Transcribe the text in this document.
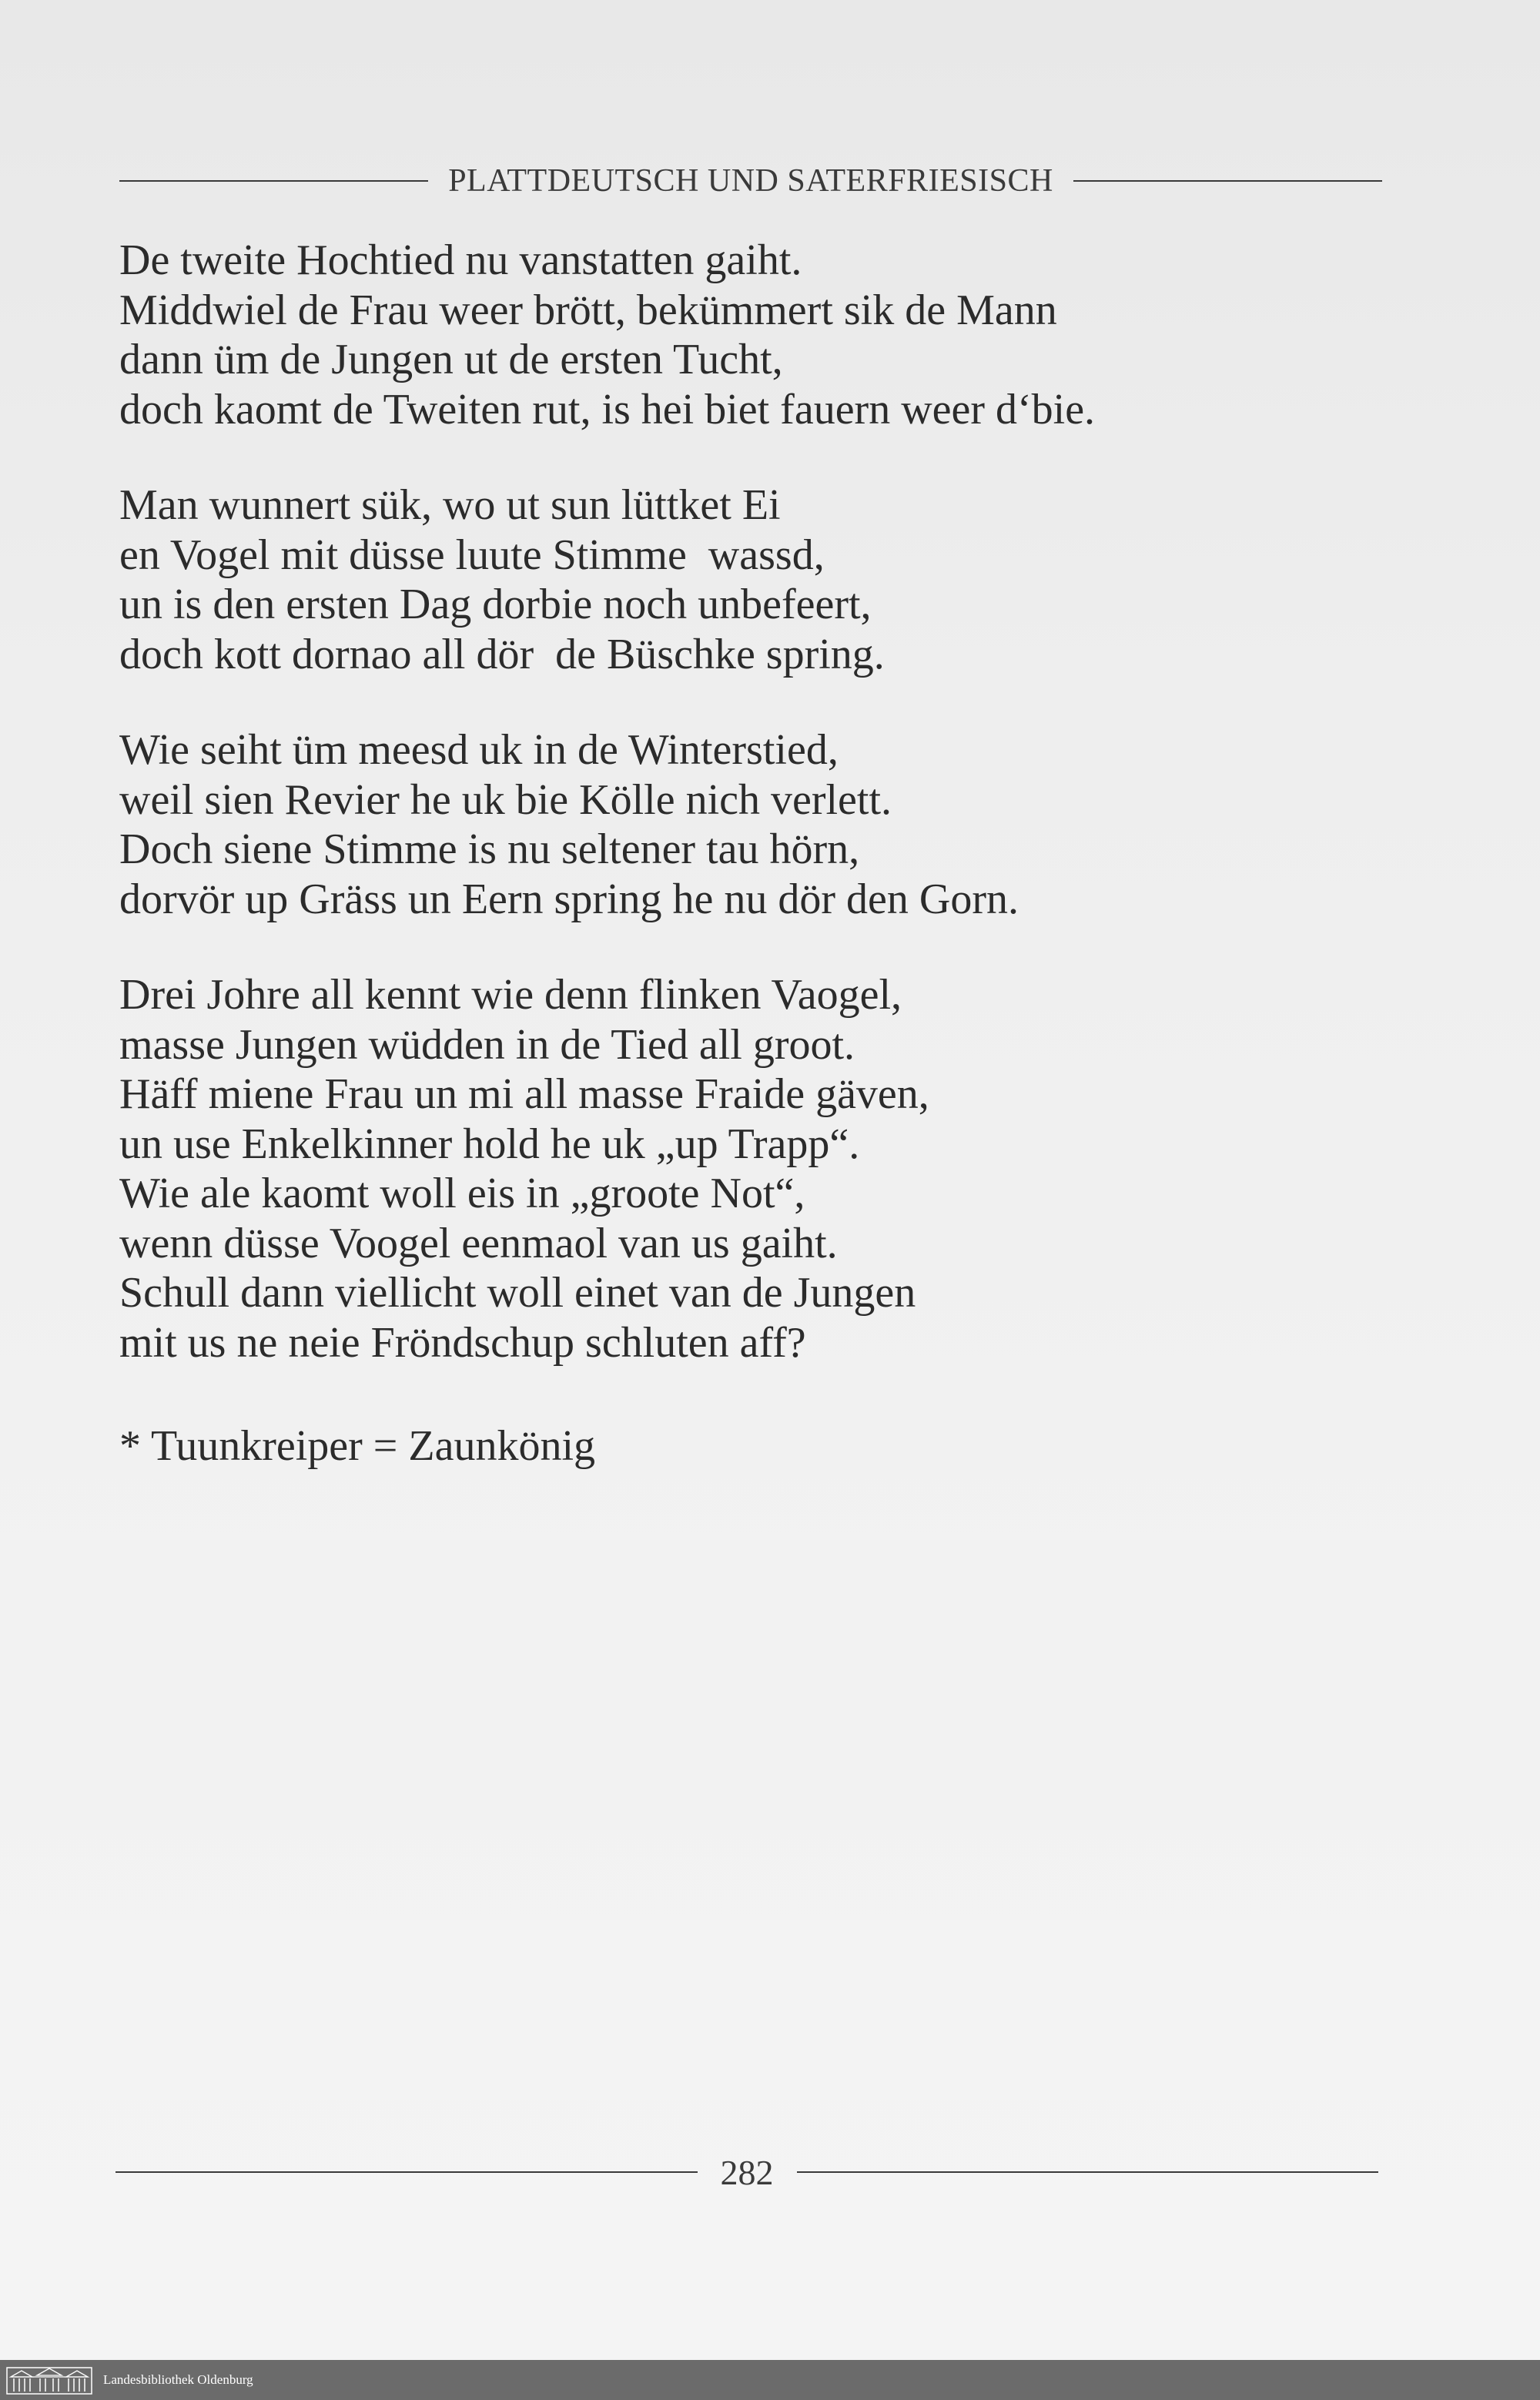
PLATTDEUTSCH UND SATERFRIESISCH
De tweite Hochtied nu vanstatten gaiht.
Middwiel de Frau weer brött, bekümmert sik de Mann
dann üm de Jungen ut de ersten Tucht,
doch kaomt de Tweiten rut, is hei biet fauern weer d‘bie.
Man wunnert sük, wo ut sun lüttket Ei
en Vogel mit düsse luute Stimme  wassd,
un is den ersten Dag dorbie noch unbefeert,
doch kott dornao all dör  de Büschke spring.
Wie seiht üm meesd uk in de Winterstied,
weil sien Revier he uk bie Kölle nich verlett.
Doch siene Stimme is nu seltener tau hörn,
dorvör up Gräss un Eern spring he nu dör den Gorn.
Drei Johre all kennt wie denn flinken Vaogel,
masse Jungen wüdden in de Tied all groot.
Häff miene Frau un mi all masse Fraide gäven,
un use Enkelkinner hold he uk „up Trapp“.
Wie ale kaomt woll eis in „groote Not“,
wenn düsse Voogel eenmaol van us gaiht.
Schull dann viellicht woll einet van de Jungen
mit us ne neie Fröndschup schluten aff?
* Tuunkreiper = Zaunkönig
282
Landesbibliothek Oldenburg
